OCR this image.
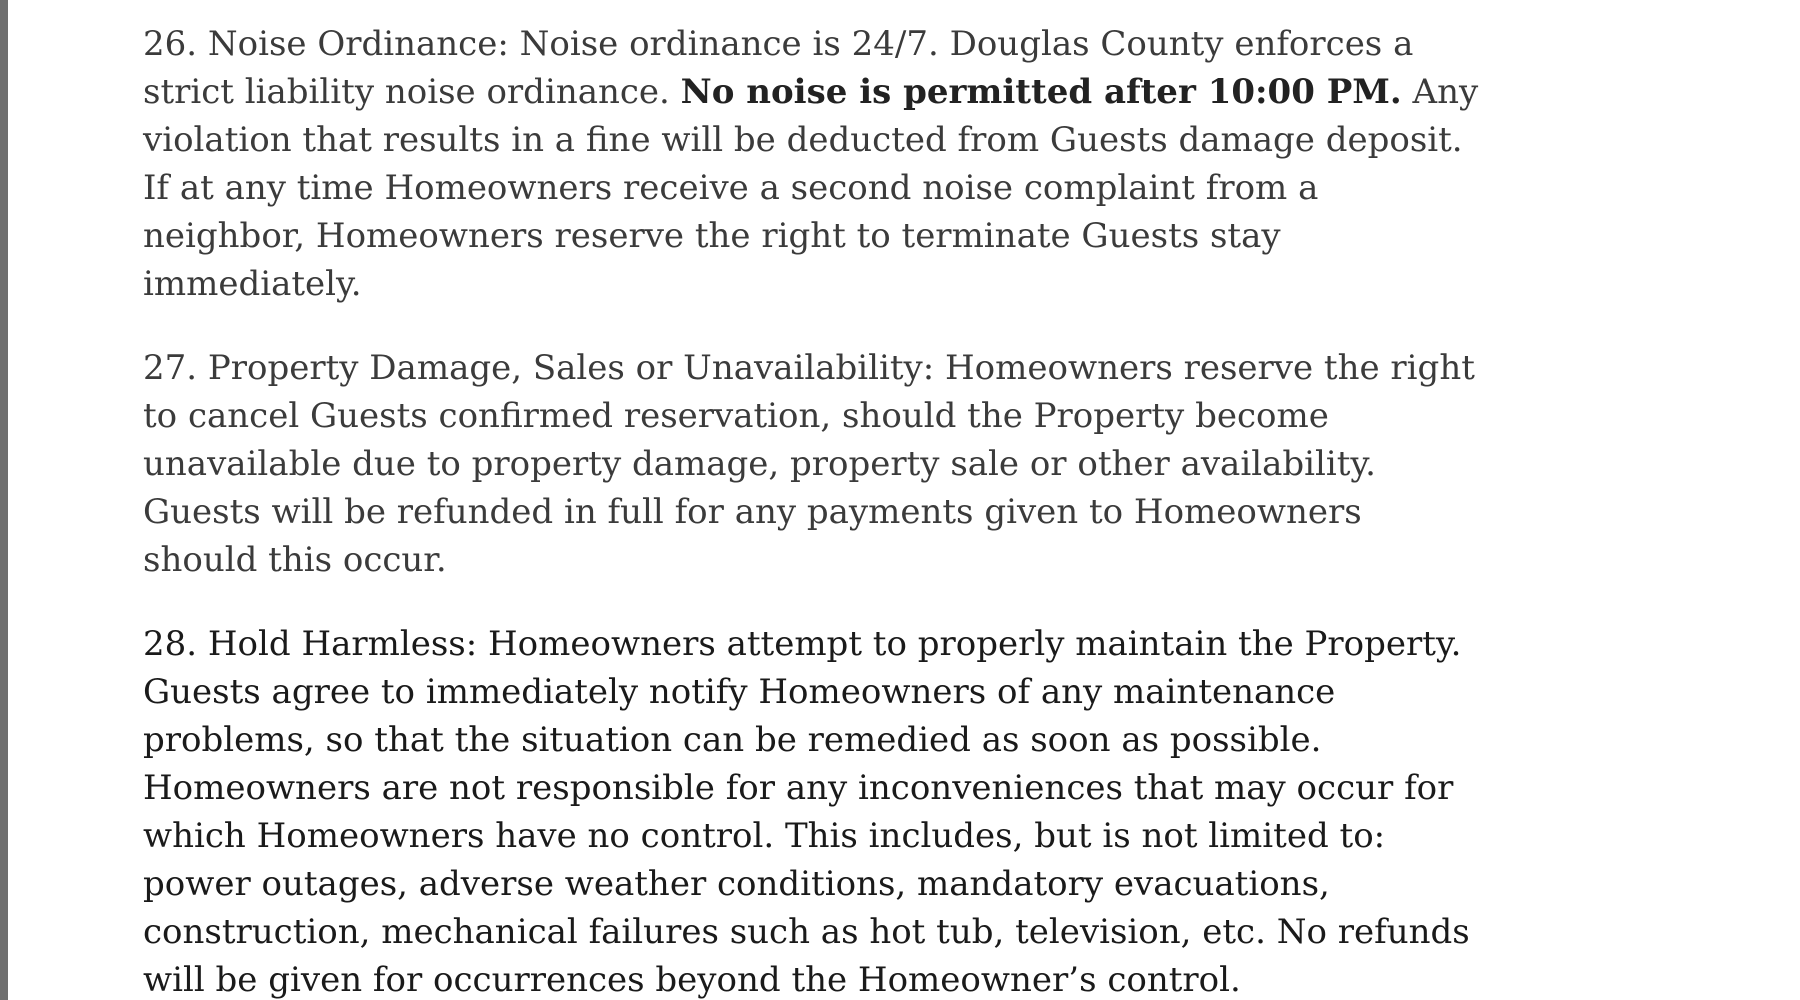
26. Noise Ordinance: Noise ordinance is 24/7. Douglas County enforces a
strict liability noise ordinance. No noise is permitted after 10:00 PM. Any
violation that results in a fine will be deducted from Guests damage deposit.
If at any time Homeowners receive a second noise complaint from a
neighbor, Homeowners reserve the right to terminate Guests stay
immediately.
27. Property Damage, Sales or Unavailability: Homeowners reserve the right
to cancel Guests confirmed reservation, should the Property become
unavailable due to property damage, property sale or other availability.
Guests will be refunded in full for any payments given to Homeowners
should this occur.
28. Hold Harmless: Homeowners attempt to properly maintain the Property.
Guests agree to immediately notify Homeowners of any maintenance
problems, so that the situation can be remedied as soon as possible.
Homeowners are not responsible for any inconveniences that may occur for
which Homeowners have no control. This includes, but is not limited to:
power outages, adverse weather conditions, mandatory evacuations,
construction, mechanical failures such as hot tub, television, etc. No refunds
will be given for occurrences beyond the Homeowner’s control.
